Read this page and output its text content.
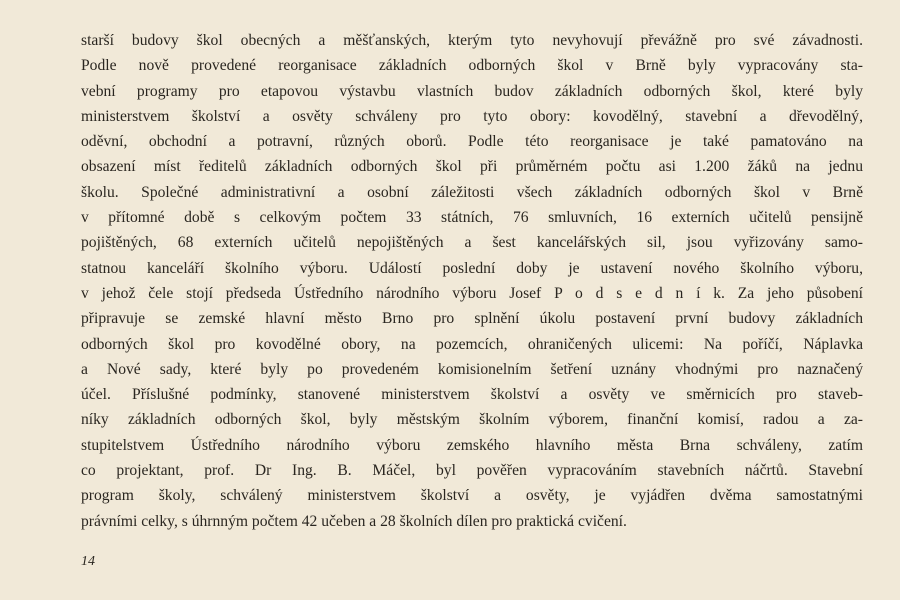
starší budovy škol obecných a měšťanských, kterým tyto nevyhovují převážně pro své závadnosti.
Podle nově provedené reorganisace základních odborných škol v Brně byly vypracovány sta-
vební programy pro etapovou výstavbu vlastních budov základních odborných škol, které byly
ministerstvem školství a osvěty schváleny pro tyto obory: kovodělný, stavební a dřevodělný,
oděvní, obchodní a potravní, různých oborů. Podle této reorganisace je také pamatováno na
obsazení míst ředitelů základních odborných škol při průměrném počtu asi 1.200 žáků na jednu
školu. Společné administrativní a osobní záležitosti všech základních odborných škol v Brně
v přítomné době s celkovým počtem 33 státních, 76 smluvních, 16 externích učitelů pensijně
pojištěných, 68 externích učitelů nepojištěných a šest kancelářských sil, jsou vyřizovány samo-
statnou kanceláří školního výboru. Událostí poslední doby je ustavení nového školního výboru,
v jehož čele stojí předseda Ústředního národního výboru Josef P o d s e d n í k. Za jeho působení
připravuje se zemské hlavní město Brno pro splnění úkolu postavení první budovy základních
odborných škol pro kovodělné obory, na pozemcích, ohraničených ulicemi: Na poříčí, Náplavka
a Nové sady, které byly po provedeném komisionelním šetření uznány vhodnými pro naznačený
účel. Příslušné podmínky, stanovené ministerstvem školství a osvěty ve směrnicích pro staveb-
níky základních odborných škol, byly městským školním výborem, finanční komisí, radou a za-
stupitelstvem Ústředního národního výboru zemského hlavního města Brna schváleny, zatím
co projektant, prof. Dr Ing. B. Máčel, byl pověřen vypracováním stavebních náčrtů. Stavební
program školy, schválený ministerstvem školství a osvěty, je vyjádřen dvěma samostatnými
právními celky, s úhrnným počtem 42 učeben a 28 školních dílen pro praktická cvičení.
14
